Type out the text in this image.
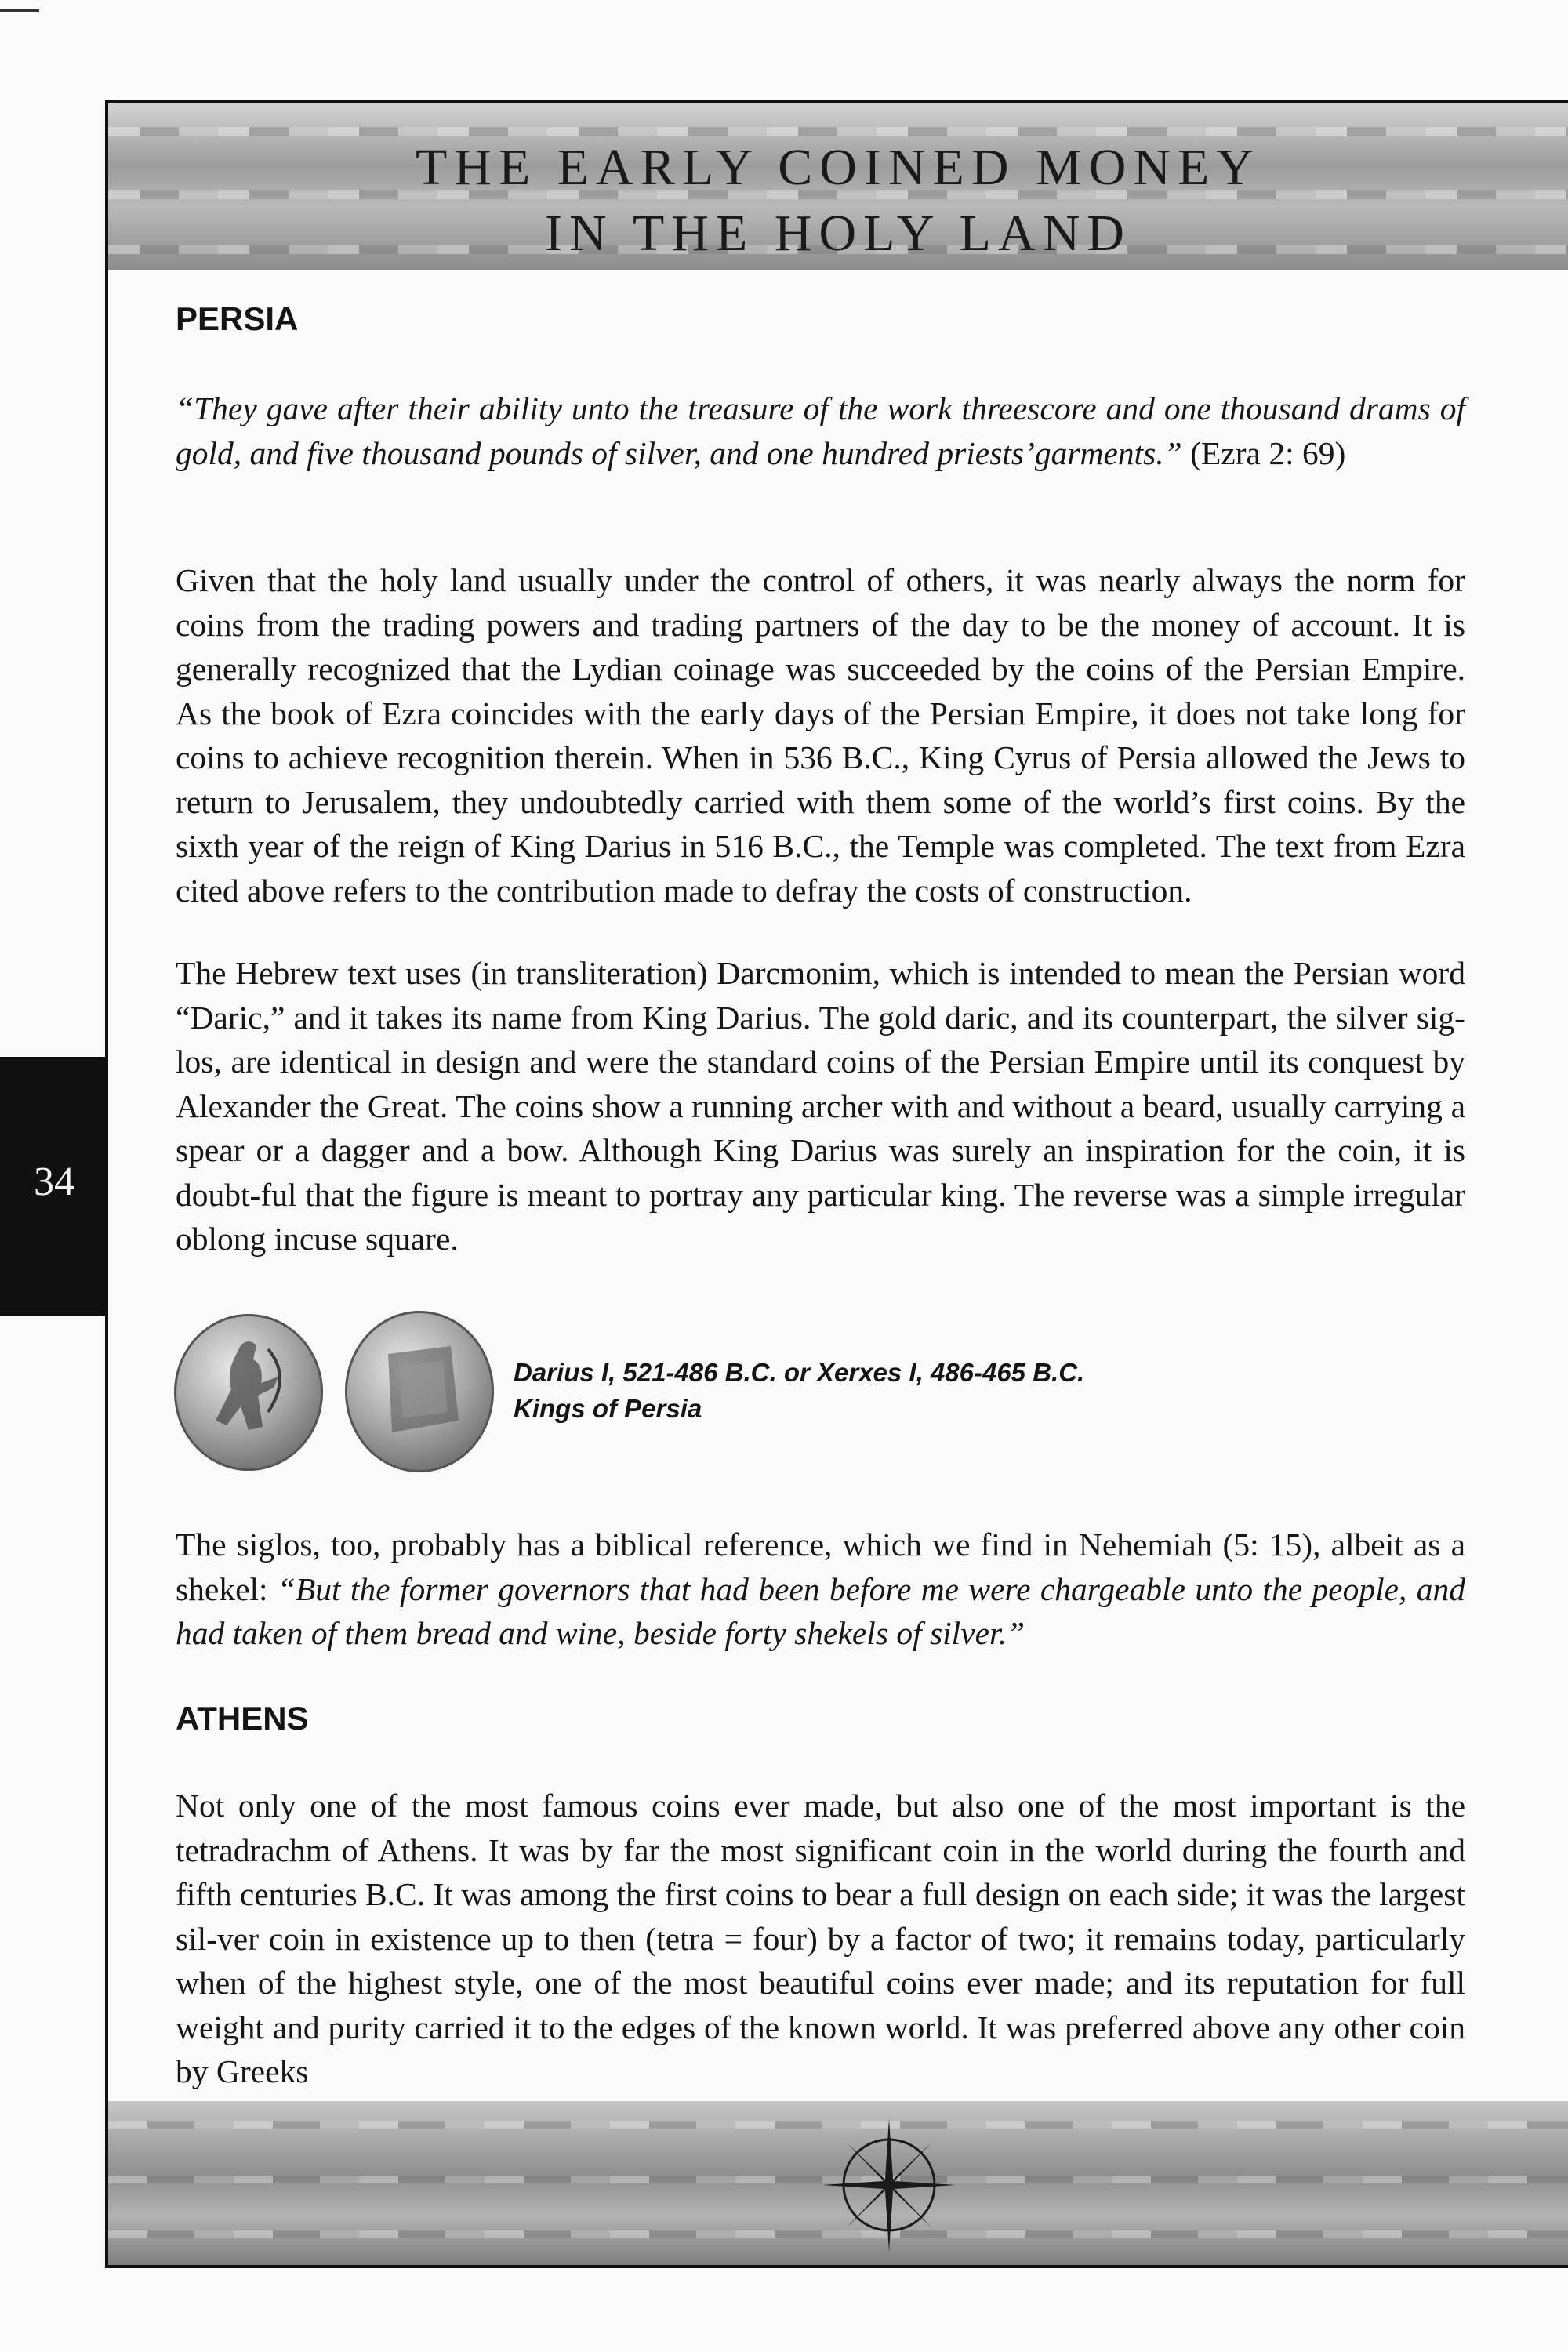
THE EARLY COINED MONEY
IN THE HOLY LAND
34
PERSIA

“They gave after their ability unto the treasure of the work threescore and one thousand drams of gold, and five thousand pounds of silver, and one hundred priests’garments.” (Ezra 2: 69)

Given that the holy land usually under the control of others, it was nearly always the norm for coins from the trading powers and trading partners of the day to be the money of account. It is generally recognized that the Lydian coinage was succeeded by the coins of the Persian Empire. As the book of Ezra coincides with the early days of the Persian Empire, it does not take long for coins to achieve recognition therein. When in 536 B.C., King Cyrus of Persia allowed the Jews to return to Jerusalem, they undoubtedly carried with them some of the world’s first coins. By the sixth year of the reign of King Darius in 516 B.C., the Temple was completed. The text from Ezra cited above refers to the contribution made to defray the costs of construction.

The Hebrew text uses (in transliteration) Darcmonim, which is intended to mean the Persian word “Daric,” and it takes its name from King Darius. The gold daric, and its counterpart, the silver sig-los, are identical in design and were the standard coins of the Persian Empire until its conquest by Alexander the Great. The coins show a running archer with and without a beard, usually carrying a spear or a dagger and a bow. Although King Darius was surely an inspiration for the coin, it is doubt-ful that the figure is meant to portray any particular king. The reverse was a simple irregular oblong incuse square.

Darius I, 521-486 B.C. or Xerxes I, 486-465 B.C.
Kings of Persia

The siglos, too, probably has a biblical reference, which we find in Nehemiah (5: 15), albeit as a shekel: “But the former governors that had been before me were chargeable unto the people, and had taken of them bread and wine, beside forty shekels of silver.”

ATHENS

Not only one of the most famous coins ever made, but also one of the most important is the tetradrachm of Athens. It was by far the most significant coin in the world during the fourth and fifth centuries B.C. It was among the first coins to bear a full design on each side; it was the largest sil-ver coin in existence up to then (tetra = four) by a factor of two; it remains today, particularly when of the highest style, one of the most beautiful coins ever made; and its reputation for full weight and purity carried it to the edges of the known world. It was preferred above any other coin by Greeks
